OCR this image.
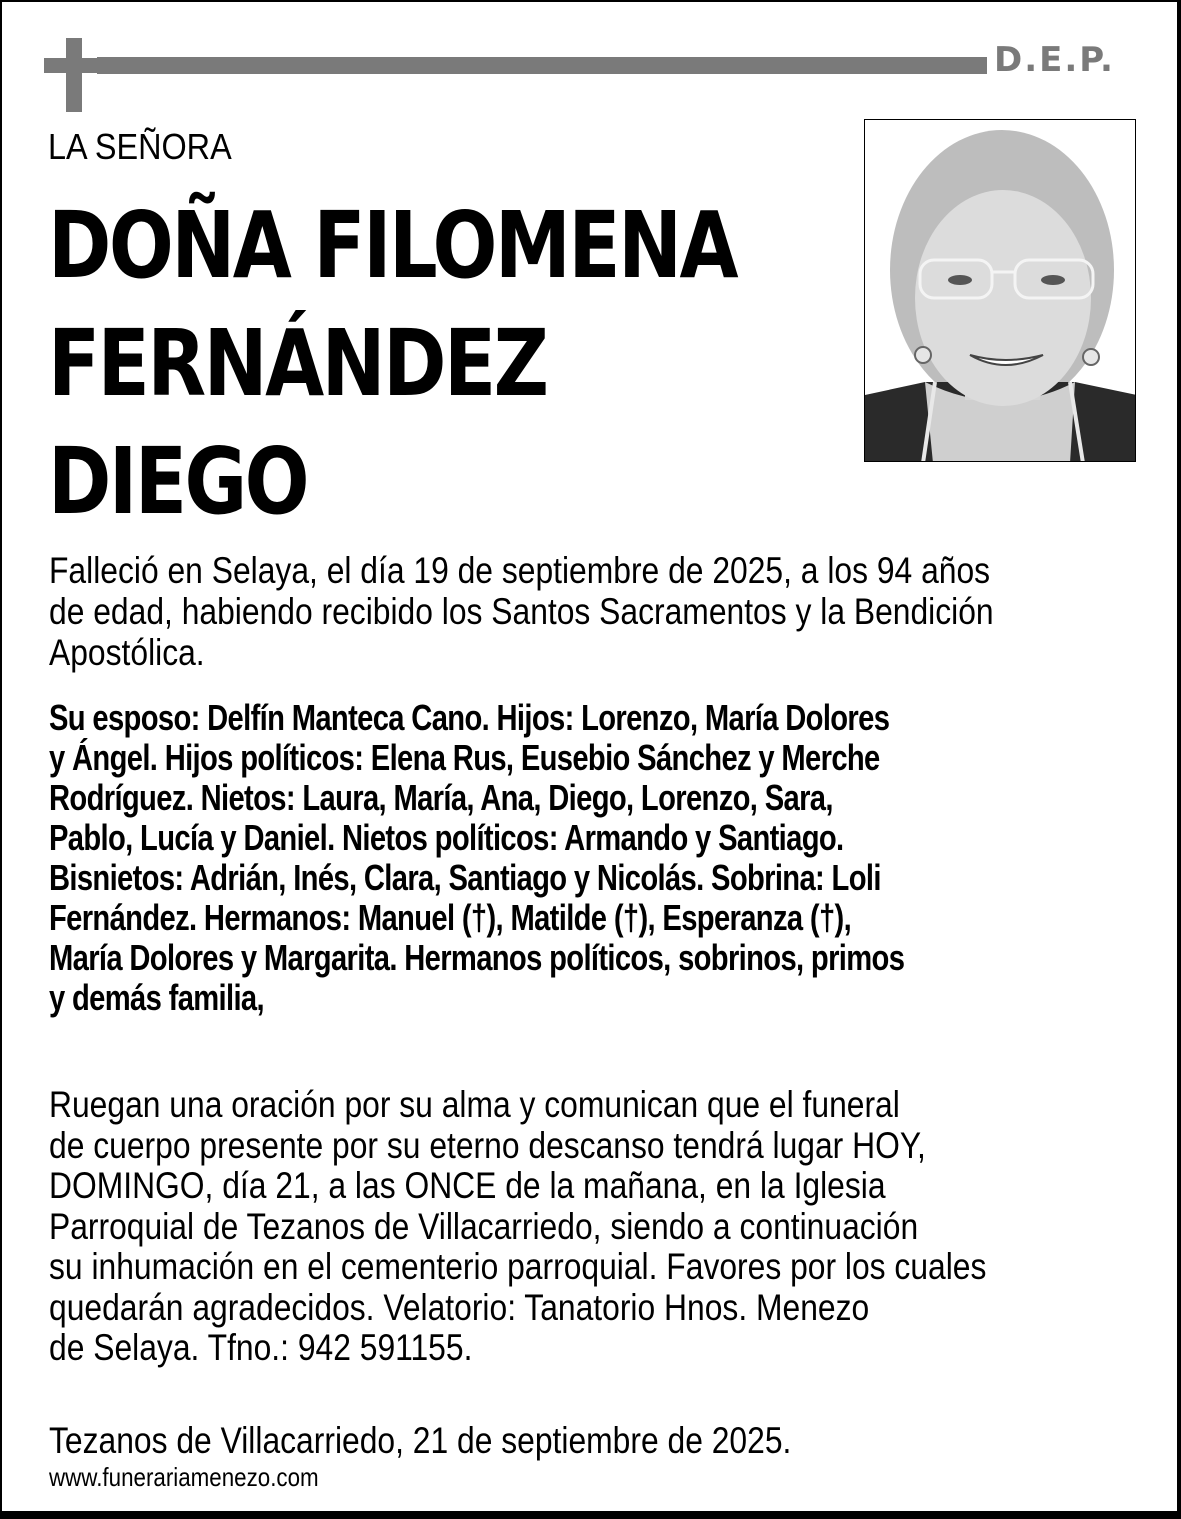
D.E.P.
LA SEÑORA
DOÑA FILOMENA
FERNÁNDEZ
DIEGO
Falleció en Selaya, el día 19 de septiembre de 2025, a los 94 años
de edad, habiendo recibido los Santos Sacramentos y la Bendición
Apostólica.
Su esposo: Delfín Manteca Cano. Hijos: Lorenzo, María Dolores
y Ángel. Hijos políticos: Elena Rus, Eusebio Sánchez y Merche
Rodríguez. Nietos: Laura, María, Ana, Diego, Lorenzo, Sara,
Pablo, Lucía y Daniel. Nietos políticos: Armando y Santiago.
Bisnietos: Adrián, Inés, Clara, Santiago y Nicolás. Sobrina: Loli
Fernández. Hermanos: Manuel (†), Matilde (†), Esperanza (†),
María Dolores y Margarita. Hermanos políticos, sobrinos, primos
y demás familia,
Ruegan una oración por su alma y comunican que el funeral
de cuerpo presente por su eterno descanso tendrá lugar HOY,
DOMINGO, día 21, a las ONCE de la mañana, en la Iglesia
Parroquial de Tezanos de Villacarriedo, siendo a continuación
su inhumación en el cementerio parroquial. Favores por los cuales
quedarán agradecidos. Velatorio: Tanatorio Hnos. Menezo
de Selaya. Tfno.: 942 591155.
Tezanos de Villacarriedo, 21 de septiembre de 2025.
www.funerariamenezo.com
